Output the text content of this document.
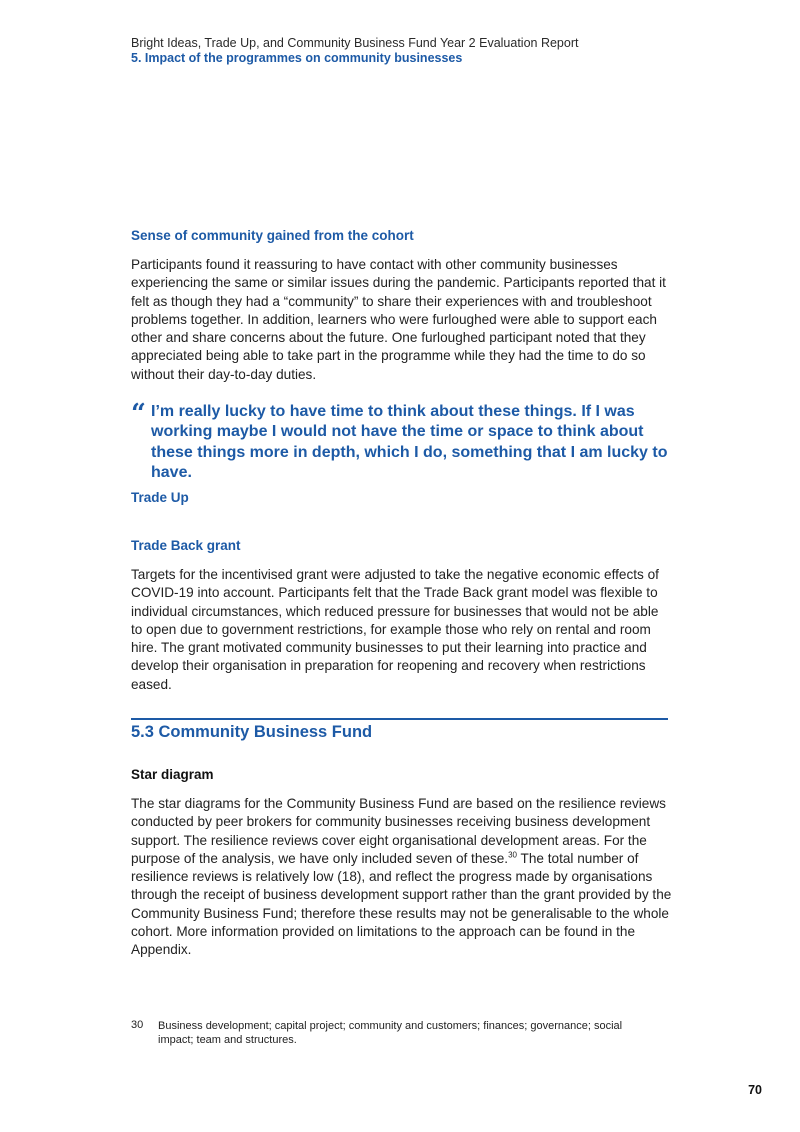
Bright Ideas, Trade Up, and Community Business Fund Year 2 Evaluation Report
5. Impact of the programmes on community businesses
Sense of community gained from the cohort

Participants found it reassuring to have contact with other community businesses experiencing the same or similar issues during the pandemic. Participants reported that it felt as though they had a “community” to share their experiences with and troubleshoot problems together. In addition, learners who were furloughed were able to support each other and share concerns about the future. One furloughed participant noted that they appreciated being able to take part in the programme while they had the time to do so without their day-to-day duties.

“ I’m really lucky to have time to think about these things. If I was working maybe I would not have the time or space to think about these things more in depth, which I do, something that I am lucky to have.
Trade Up
Trade Back grant

Targets for the incentivised grant were adjusted to take the negative economic effects of COVID-19 into account. Participants felt that the Trade Back grant model was flexible to individual circumstances, which reduced pressure for businesses that would not be able to open due to government restrictions, for example those who rely on rental and room hire. The grant motivated community businesses to put their learning into practice and develop their organisation in preparation for reopening and recovery when restrictions eased.

5.3 Community Business Fund
Star diagram

The star diagrams for the Community Business Fund are based on the resilience reviews conducted by peer brokers for community businesses receiving business development support. The resilience reviews cover eight organisational development areas. For the purpose of the analysis, we have only included seven of these.$^{30}$ The total number of resilience reviews is relatively low (18), and reflect the progress made by organisations through the receipt of business development support rather than the grant provided by the Community Business Fund; therefore these results may not be generalisable to the whole cohort. More information provided on limitations to the approach can be found in the Appendix.

30 Business development; capital project; community and customers; finances; governance; social impact; team and structures.
70
